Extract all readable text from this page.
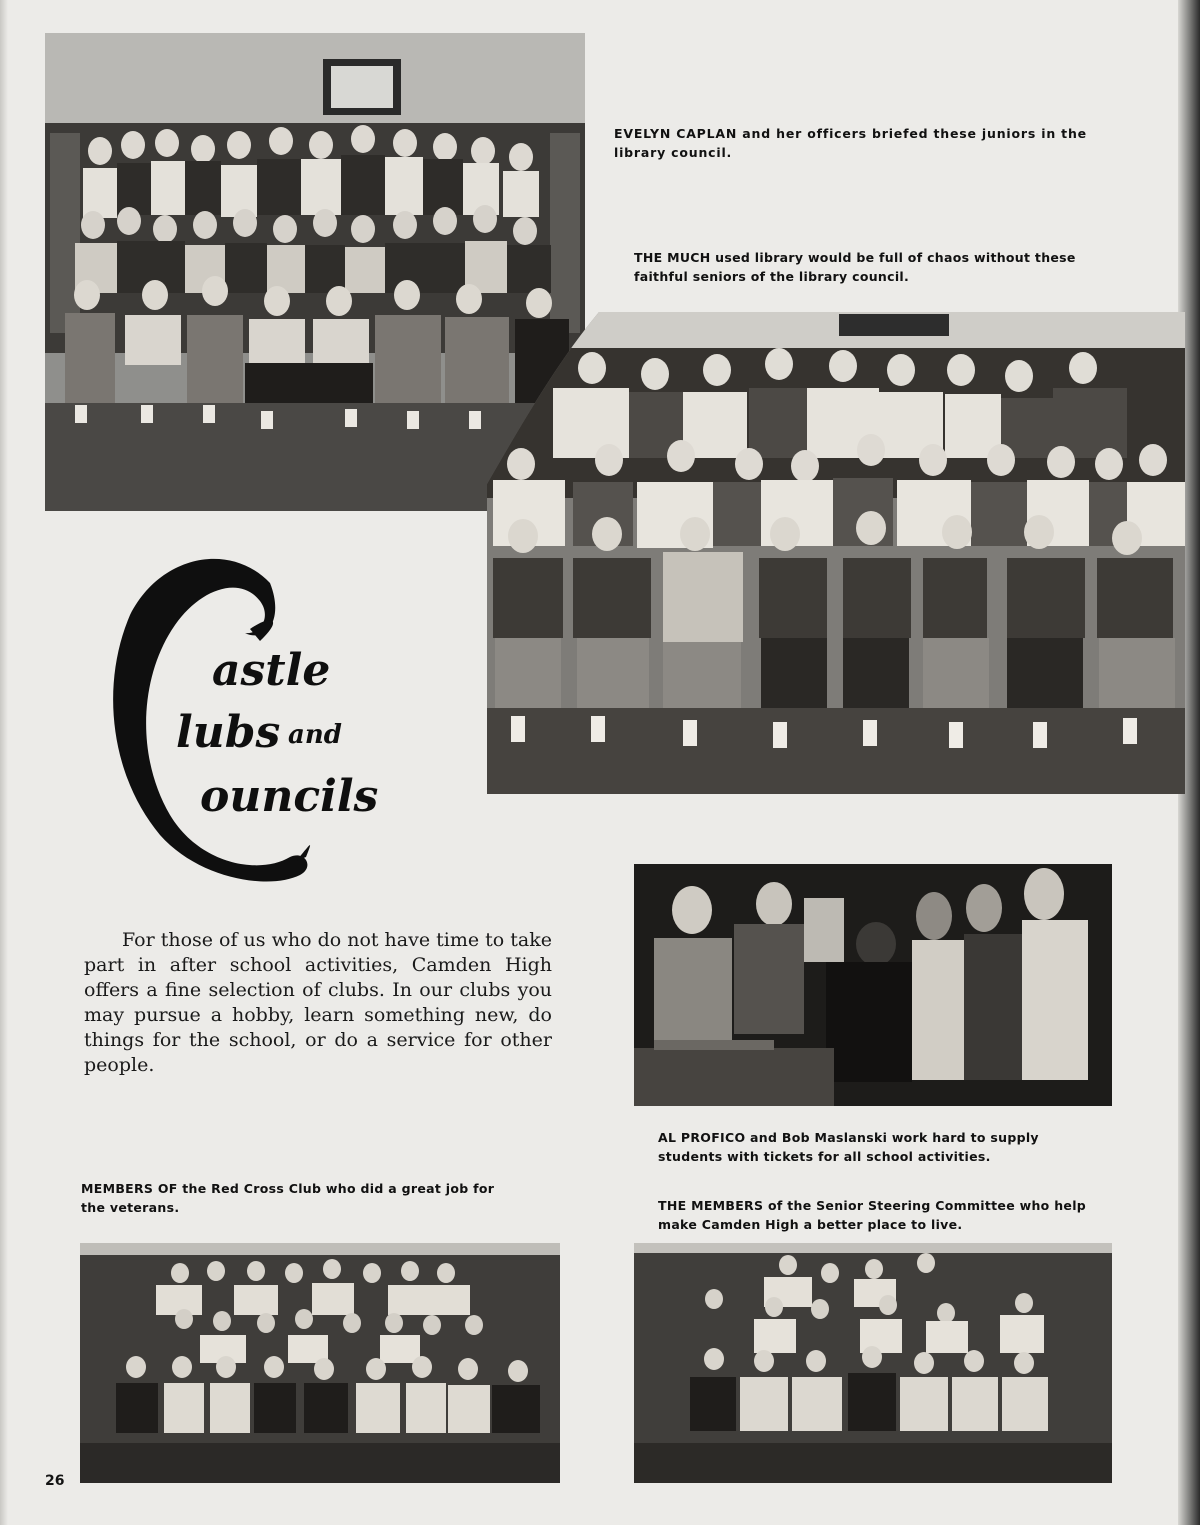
EVELYN CAPLAN and her officers briefed these juniors in the library council.

THE MUCH used library would be full of chaos without these faithful seniors of the library council.

AL PROFICO and Bob Maslanski work hard to supply students with tickets for all school activities.

MEMBERS OF the Red Cross Club who did a great job for the veterans.	THE MEMBERS of the Senior Steering Committee who help make Camden High a better place to live.

astle
lubs and
ouncils

For those of us who do not have time to take part in after school activities, Camden High offers a fine selection of clubs. In our clubs you may pursue a hobby, learn something new, do things for the school, or do a service for other people.

26
